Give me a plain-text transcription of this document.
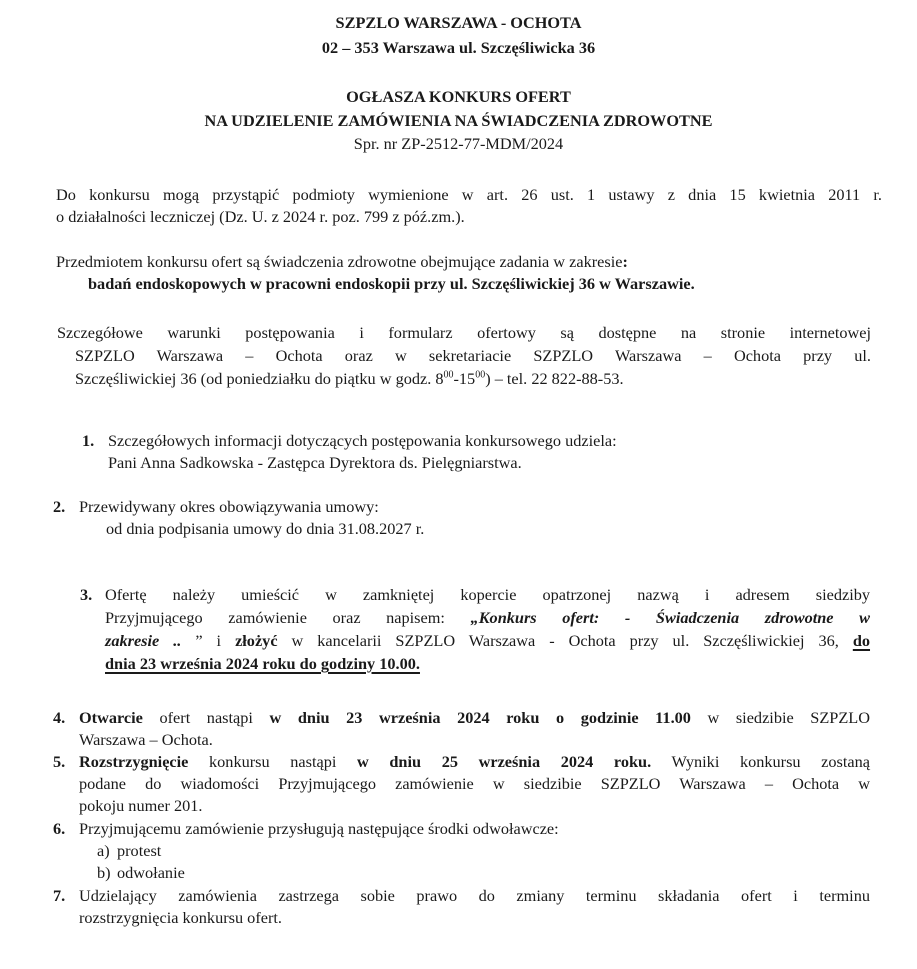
SZPZLO WARSZAWA - OCHOTA
02 – 353 Warszawa ul. Szczęśliwicka 36
OGŁASZA KONKURS OFERT
NA UDZIELENIE ZAMÓWIENIA NA ŚWIADCZENIA ZDROWOTNE
Spr. nr ZP-2512-77-MDM/2024
Do konkursu mogą przystąpić podmioty wymienione w art. 26 ust. 1 ustawy z dnia 15 kwietnia 2011 r.
o działalności leczniczej (Dz. U. z 2024 r. poz. 799 z póź.zm.).
Przedmiotem konkursu ofert są świadczenia zdrowotne obejmujące zadania w zakresie:
badań endoskopowych w pracowni endoskopii przy ul. Szczęśliwickiej 36 w Warszawie.
Szczegółowe warunki postępowania i formularz ofertowy są dostępne na stronie internetowej
SZPZLO Warszawa – Ochota oraz w sekretariacie SZPZLO Warszawa – Ochota przy ul.
Szczęśliwickiej 36 (od poniedziałku do piątku w godz. $8^{00}-15^{00}$) – tel. 22 822-88-53.
1. Szczegółowych informacji dotyczących postępowania konkursowego udziela:
Pani Anna Sadkowska - Zastępca Dyrektora ds. Pielęgniarstwa.
2. Przewidywany okres obowiązywania umowy:
od dnia podpisania umowy do dnia 31.08.2027 r.
3. Ofertę należy umieścić w zamkniętej kopercie opatrzonej nazwą i adresem siedziby
Przyjmującego zamówienie oraz napisem: „Konkurs ofert: - Świadczenia zdrowotne w
zakresie .. ” i złożyć w kancelarii SZPZLO Warszawa - Ochota przy ul. Szczęśliwickiej 36, do
dnia 23 września 2024 roku do godziny 10.00.
4. Otwarcie ofert nastąpi w dniu 23 września 2024 roku o godzinie 11.00 w siedzibie SZPZLO
Warszawa – Ochota.
5. Rozstrzygnięcie konkursu nastąpi w dniu 25 września 2024 roku. Wyniki konkursu zostaną
podane do wiadomości Przyjmującego zamówienie w siedzibie SZPZLO Warszawa – Ochota w
pokoju numer 201.
6. Przyjmującemu zamówienie przysługują następujące środki odwoławcze:
a) protest
b) odwołanie
7. Udzielający zamówienia zastrzega sobie prawo do zmiany terminu składania ofert i terminu
rozstrzygnięcia konkursu ofert.
